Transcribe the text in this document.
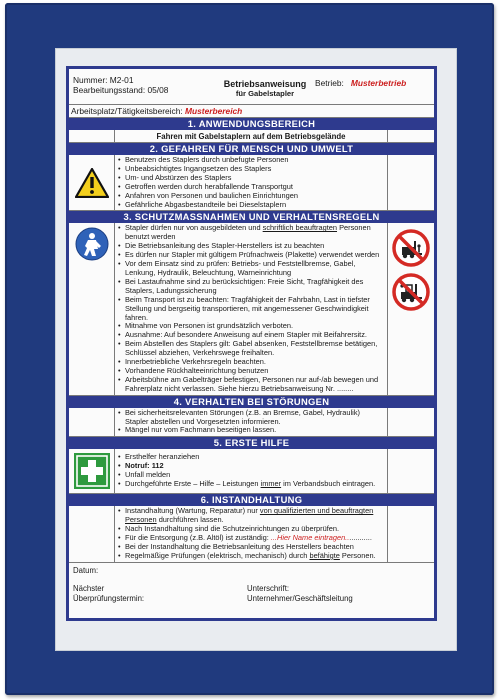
Nummer: M2-01
Bearbeitungsstand: 05/08
Betriebsanweisung
für Gabelstapler
Betrieb: Musterbetrieb
Arbeitsplatz/Tätigkeitsbereich: Musterbereich
1. ANWENDUNGSBEREICH
Fahren mit Gabelstaplern auf dem Betriebsgelände
2. GEFAHREN FÜR MENSCH UND UMWELT
• Benutzen des Staplers durch unbefugte Personen
• Unbeabsichtigtes Ingangsetzen des Staplers
• Um- und Abstürzen des Staplers
• Getroffen werden durch herabfallende Transportgut
• Anfahren von Personen und baulichen Einrichtungen
• Gefährliche Abgasbestandteile bei Dieselstaplern
3. SCHUTZMASSNAHMEN UND VERHALTENSREGELN
• Stapler dürfen nur von ausgebildeten und schriftlich beauftragten Personen benutzt werden
• Die Betriebsanleitung des Stapler-Herstellers ist zu beachten
• Es dürfen nur Stapler mit gültigem Prüfnachweis (Plakette) verwendet werden
• Vor dem Einsatz sind zu prüfen: Betriebs- und Feststellbremse, Gabel, Lenkung, Hydraulik, Beleuchtung, Warneinrichtung
• Bei Lastaufnahme sind zu berücksichtigen: Freie Sicht, Tragfähigkeit des Staplers, Ladungssicherung
• Beim Transport ist zu beachten: Tragfähigkeit der Fahrbahn, Last in tiefster Stellung und bergseitig transportieren, mit angemessener Geschwindigkeit fahren.
• Mitnahme von Personen ist grundsätzlich verboten.
• Ausnahme: Auf besondere Anweisung auf einem Stapler mit Beifahrersitz.
• Beim Abstellen des Staplers gilt: Gabel absenken, Feststellbremse betätigen, Schlüssel abziehen, Verkehrswege freihalten.
• Innerbetriebliche Verkehrsregeln beachten.
• Vorhandene Rückhalteeinrichtung benutzen
• Arbeitsbühne am Gabelträger befestigen, Personen nur auf-/ab bewegen und Fahrerplatz nicht verlassen. Siehe hierzu Betriebsanweisung Nr. ........
4. VERHALTEN BEI STÖRUNGEN
• Bei sicherheitsrelevanten Störungen (z.B. an Bremse, Gabel, Hydraulik) Stapler abstellen und Vorgesetzten informieren.
• Mängel nur vom Fachmann beseitigen lassen.
5. ERSTE HILFE
• Ersthelfer heranziehen
• Notruf: 112
• Unfall melden
• Durchgeführte Erste – Hilfe – Leistungen immer im Verbandsbuch eintragen.
6. INSTANDHALTUNG
• Instandhaltung (Wartung, Reparatur) nur von qualifizierten und beauftragten Personen durchführen lassen.
• Nach Instandhaltung sind die Schutzeinrichtungen zu überprüfen.
• Für die Entsorgung (z.B. Altöl) ist zuständig: ...Hier Name eintragen.............
• Bei der Instandhaltung die Betriebsanleitung des Herstellers beachten
• Regelmäßige Prüfungen (elektrisch, mechanisch) durch befähigte Personen.
Datum:
Nächster
Überprüfungstermin:
Unterschrift:
Unternehmer/Geschäftsleitung
